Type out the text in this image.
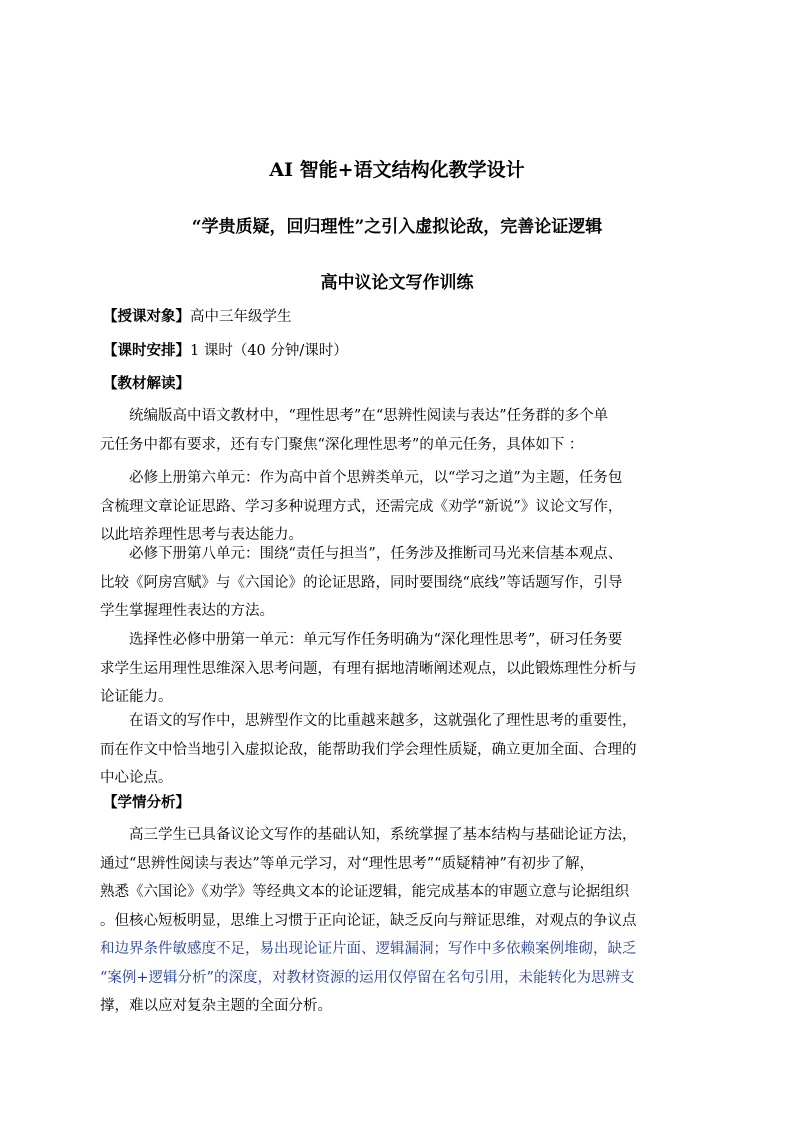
AI 智能+语文结构化教学设计
“学贵质疑，回归理性”之引入虚拟论敌，完善论证逻辑
高中议论文写作训练
【授课对象】高中三年级学生
【课时安排】1 课时（40 分钟/课时）
【教材解读】
　　统编版高中语文教材中，“理性思考”在“思辨性阅读与表达”任务群的多个单
元任务中都有要求，还有专门聚焦“深化理性思考”的单元任务，具体如下 ：
　　必修上册第六单元：作为高中首个思辨类单元，以“学习之道”为主题，任务包
含梳理文章论证思路、学习多种说理方式，还需完成《劝学“新说”》议论文写作，
以此培养理性思考与表达能力。
　　必修下册第八单元：围绕“责任与担当”，任务涉及推断司马光来信基本观点、
比较《阿房宫赋》与《六国论》的论证思路，同时要围绕“底线”等话题写作，引导
学生掌握理性表达的方法。
　　选择性必修中册第一单元：单元写作任务明确为“深化理性思考”，研习任务要
求学生运用理性思维深入思考问题，有理有据地清晰阐述观点，以此锻炼理性分析与
论证能力。
　　在语文的写作中，思辨型作文的比重越来越多，这就强化了理性思考的重要性，
而在作文中恰当地引入虚拟论敌，能帮助我们学会理性质疑，确立更加全面、合理的
中心论点。
【学情分析】
　　高三学生已具备议论文写作的基础认知，系统掌握了基本结构与基础论证方法，
通过“思辨性阅读与表达”等单元学习，对“理性思考”“质疑精神”有初步了解，
熟悉《六国论》《劝学》等经典文本的论证逻辑，能完成基本的审题立意与论据组织
。但核心短板明显，思维上习惯于正向论证，缺乏反向与辩证思维，对观点的争议点
和边界条件敏感度不足，易出现论证片面、逻辑漏洞；写作中多依赖案例堆砌，缺乏
“案例+逻辑分析”的深度，对教材资源的运用仅停留在名句引用，未能转化为思辨支
撑，难以应对复杂主题的全面分析。
